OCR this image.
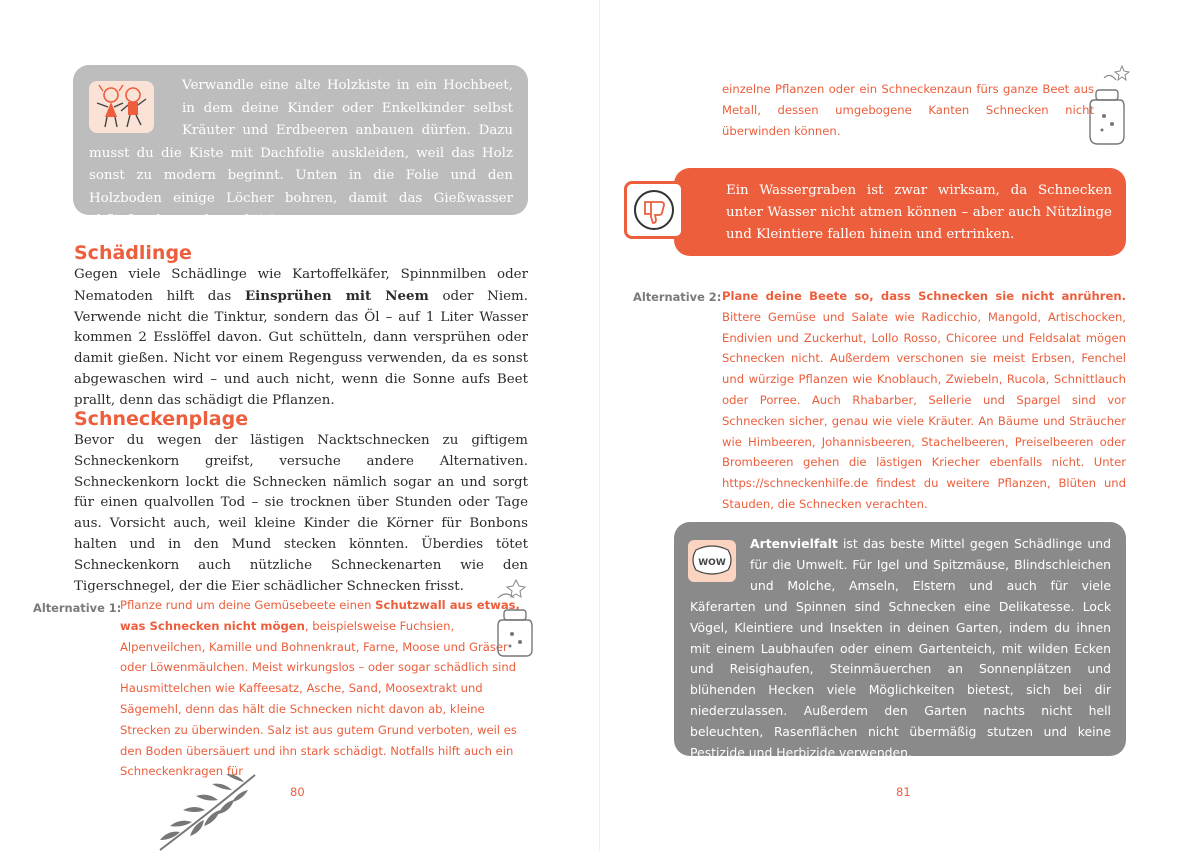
Verwandle eine alte Holzkiste in ein Hochbeet, in dem deine Kinder oder Enkelkinder selbst Kräuter und Erdbeeren anbauen dürfen. Dazu musst du die Kiste mit Dachfolie auskleiden, weil das Holz sonst zu modern beginnt. Unten in die Folie und den Holzboden einige Löcher bohren, damit das Gießwasser abfließen kann – los geht's!

Schädlinge

Gegen viele Schädlinge wie Kartoffelkäfer, Spinnmilben oder Nematoden hilft das Einsprühen mit Neem oder Niem. Verwende nicht die Tinktur, sondern das Öl – auf 1 Liter Wasser kommen 2 Esslöffel davon. Gut schütteln, dann versprühen oder damit gießen. Nicht vor einem Regenguss verwenden, da es sonst abgewaschen wird – und auch nicht, wenn die Sonne aufs Beet prallt, denn das schädigt die Pflanzen.

Schneckenplage

Bevor du wegen der lästigen Nacktschnecken zu giftigem Schneckenkorn greifst, versuche andere Alternativen. Schneckenkorn lockt die Schnecken nämlich sogar an und sorgt für einen qualvollen Tod – sie trocknen über Stunden oder Tage aus. Vorsicht auch, weil kleine Kinder die Körner für Bonbons halten und in den Mund stecken könnten. Überdies tötet Schneckenkorn auch nützliche Schneckenarten wie den Tigerschnegel, der die Eier schädlicher Schnecken frisst.

Alternative 1:

Pflanze rund um deine Gemüsebeete einen Schutzwall aus etwas, was Schnecken nicht mögen, beispielsweise Fuchsien, Alpenveilchen, Kamille und Bohnenkraut, Farne, Moose und Gräser oder Löwenmäulchen. Meist wirkungslos – oder sogar schädlich sind Hausmittelchen wie Kaffeesatz, Asche, Sand, Moosextrakt und Sägemehl, denn das hält die Schnecken nicht davon ab, kleine Strecken zu überwinden. Salz ist aus gutem Grund verboten, weil es den Boden übersäuert und ihn stark schädigt. Notfalls hilft auch ein Schneckenkragen für

80

einzelne Pflanzen oder ein Schneckenzaun fürs ganze Beet aus Metall, dessen umgebogene Kanten Schnecken nicht überwinden können.

Ein Wassergraben ist zwar wirksam, da Schnecken unter Wasser nicht atmen können – aber auch Nützlinge und Kleintiere fallen hinein und ertrinken.

Alternative 2: Plane deine Beete so, dass Schnecken sie nicht anrühren. Bittere Gemüse und Salate wie Radicchio, Mangold, Artischocken, Endivien und Zuckerhut, Lollo Rosso, Chicoree und Feldsalat mögen Schnecken nicht. Außerdem verschonen sie meist Erbsen, Fenchel und würzige Pflanzen wie Knoblauch, Zwiebeln, Rucola, Schnittlauch oder Porree. Auch Rhabarber, Sellerie und Spargel sind vor Schnecken sicher, genau wie viele Kräuter. An Bäume und Sträucher wie Himbeeren, Johannisbeeren, Stachelbeeren, Preiselbeeren oder Brombeeren gehen die lästigen Kriecher ebenfalls nicht. Unter https://schneckenhilfe.de findest du weitere Pflanzen, Blüten und Stauden, die Schnecken verachten.

WOW

Artenvielfalt ist das beste Mittel gegen Schädlinge und für die Umwelt. Für Igel und Spitzmäuse, Blindschleichen und Molche, Amseln, Elstern und auch für viele Käferarten und Spinnen sind Schnecken eine Delikatesse. Lock Vögel, Kleintiere und Insekten in deinen Garten, indem du ihnen mit einem Laubhaufen oder einem Gartenteich, mit wilden Ecken und Reisighaufen, Steinmäuerchen an Sonnenplätzen und blühenden Hecken viele Möglichkeiten bietest, sich bei dir niederzulassen. Außerdem den Garten nachts nicht hell beleuchten, Rasenflächen nicht übermäßig stutzen und keine Pestizide und Herbizide verwenden.

81
